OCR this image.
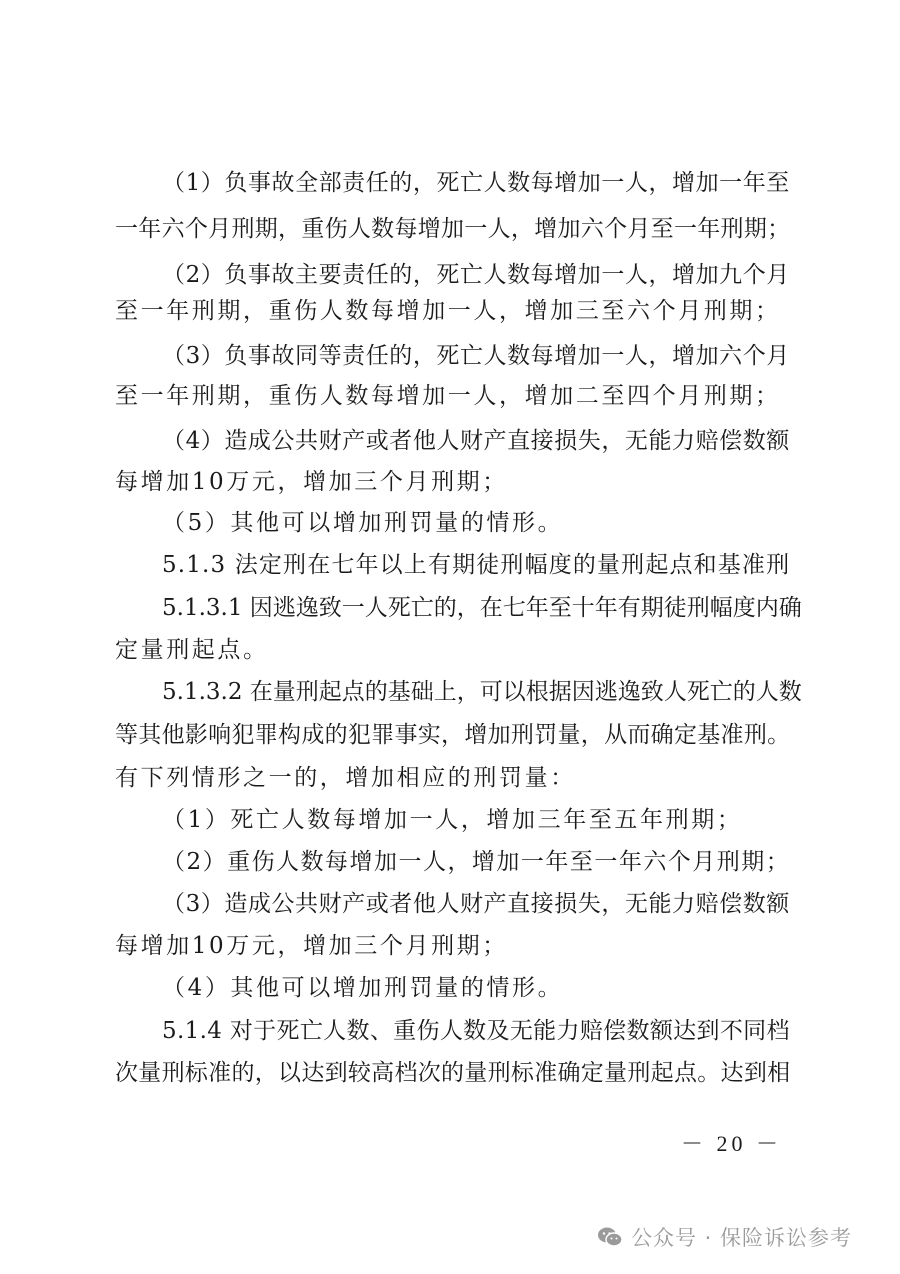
（1）负事故全部责任的，死亡人数每增加一人，增加一年至
一年六个月刑期，重伤人数每增加一人，增加六个月至一年刑期；
（2）负事故主要责任的，死亡人数每增加一人，增加九个月
至一年刑期，重伤人数每增加一人，增加三至六个月刑期；
（3）负事故同等责任的，死亡人数每增加一人，增加六个月
至一年刑期，重伤人数每增加一人，增加二至四个月刑期；
（4）造成公共财产或者他人财产直接损失，无能力赔偿数额
每增加10万元，增加三个月刑期；
（5）其他可以增加刑罚量的情形。
5.1.3 法定刑在七年以上有期徒刑幅度的量刑起点和基准刑
5.1.3.1 因逃逸致一人死亡的，在七年至十年有期徒刑幅度内确
定量刑起点。
5.1.3.2 在量刑起点的基础上，可以根据因逃逸致人死亡的人数
等其他影响犯罪构成的犯罪事实，增加刑罚量，从而确定基准刑。
有下列情形之一的，增加相应的刑罚量：
（1）死亡人数每增加一人，增加三年至五年刑期；
（2）重伤人数每增加一人，增加一年至一年六个月刑期；
（3）造成公共财产或者他人财产直接损失，无能力赔偿数额
每增加10万元，增加三个月刑期；
（4）其他可以增加刑罚量的情形。
5.1.4 对于死亡人数、重伤人数及无能力赔偿数额达到不同档
次量刑标准的，以达到较高档次的量刑标准确定量刑起点。达到相
－ 20 －
公众号 · 保险诉讼参考
